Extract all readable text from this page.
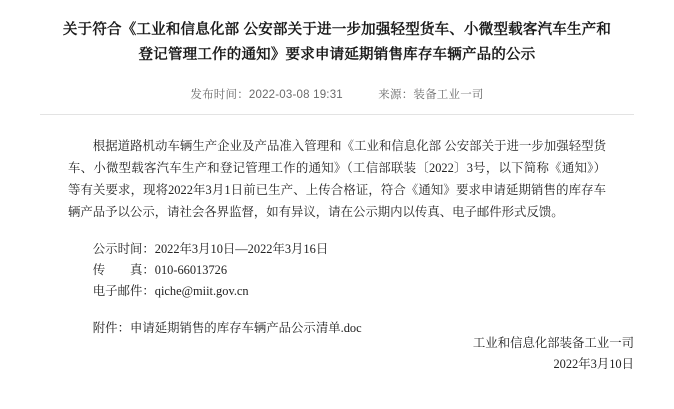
关于符合《工业和信息化部 公安部关于进一步加强轻型货车、小微型载客汽车生产和
登记管理工作的通知》要求申请延期销售库存车辆产品的公示
发布时间：2022-03-08 19:31	来源：装备工业一司

根据道路机动车辆生产企业及产品准入管理和《工业和信息化部 公安部关于进一步加强轻型货车、小微型载客汽车生产和登记管理工作的通知》（工信部联装〔2022〕3号，以下简称《通知》）等有关要求，现将2022年3月1日前已生产、上传合格证，符合《通知》要求申请延期销售的库存车辆产品予以公示，请社会各界监督，如有异议，请在公示期内以传真、电子邮件形式反馈。

公示时间：2022年3月10日—2022年3月16日

传　　真：010-66013726

电子邮件：qiche@miit.gov.cn

附件：申请延期销售的库存车辆产品公示清单.doc

工业和信息化部装备工业一司
2022年3月10日
